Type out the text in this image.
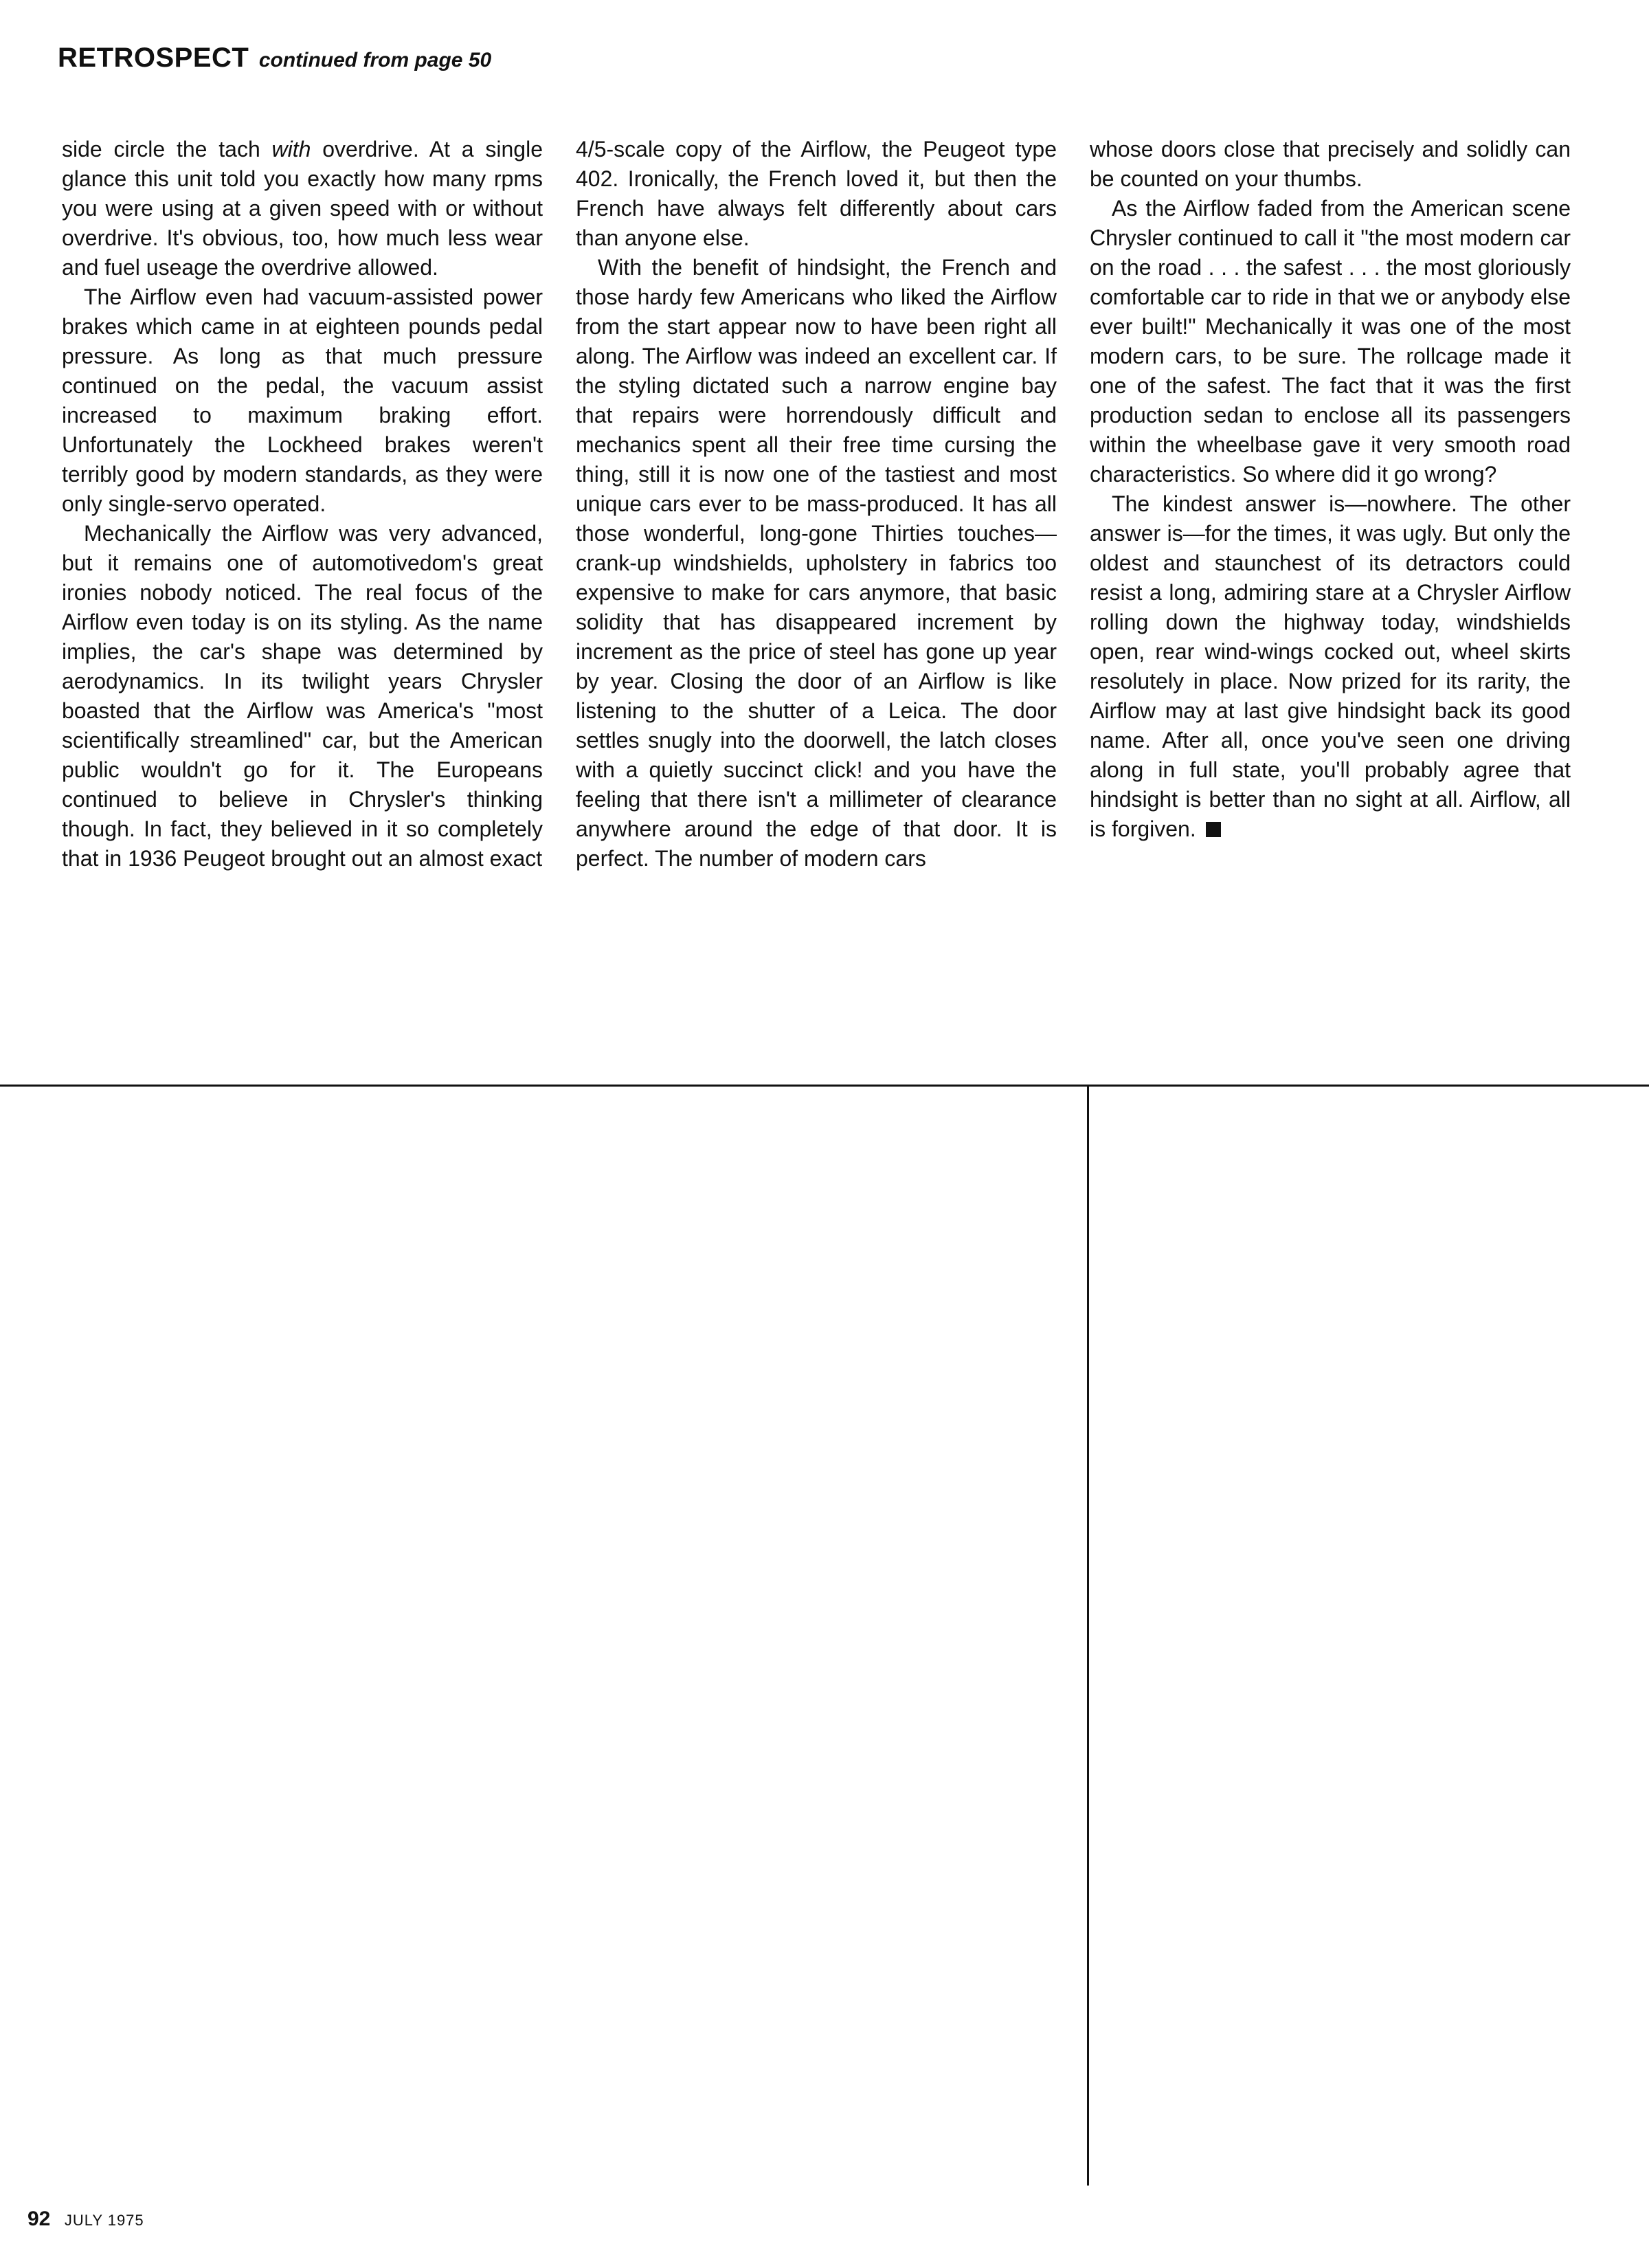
RETROSPECT continued from page 50

side circle the tach with overdrive. At a single glance this unit told you exactly how many rpms you were using at a given speed with or without overdrive. It's obvious, too, how much less wear and fuel useage the overdrive allowed.

The Airflow even had vacuum-assisted power brakes which came in at eighteen pounds pedal pressure. As long as that much pressure continued on the pedal, the vacuum assist increased to maximum braking effort. Unfortunately the Lockheed brakes weren't terribly good by modern standards, as they were only single-servo operated.

Mechanically the Airflow was very advanced, but it remains one of automotivedom's great ironies nobody noticed. The real focus of the Airflow even today is on its styling. As the name implies, the car's shape was determined by aerodynamics. In its twilight years Chrysler boasted that the Airflow was America's "most scientifically streamlined" car, but the American public wouldn't go for it. The Europeans continued to believe in Chrysler's thinking though. In fact, they believed in it so completely that in 1936 Peugeot brought out an almost exact

4/5-scale copy of the Airflow, the Peugeot type 402. Ironically, the French loved it, but then the French have always felt differently about cars than anyone else.

With the benefit of hindsight, the French and those hardy few Americans who liked the Airflow from the start appear now to have been right all along. The Airflow was indeed an excellent car. If the styling dictated such a narrow engine bay that repairs were horrendously difficult and mechanics spent all their free time cursing the thing, still it is now one of the tastiest and most unique cars ever to be mass-produced. It has all those wonderful, long-gone Thirties touches—crank-up windshields, upholstery in fabrics too expensive to make for cars anymore, that basic solidity that has disappeared increment by increment as the price of steel has gone up year by year. Closing the door of an Airflow is like listening to the shutter of a Leica. The door settles snugly into the doorwell, the latch closes with a quietly succinct click! and you have the feeling that there isn't a millimeter of clearance anywhere around the edge of that door. It is perfect. The number of modern cars

whose doors close that precisely and solidly can be counted on your thumbs.

As the Airflow faded from the American scene Chrysler continued to call it "the most modern car on the road . . . the safest . . . the most gloriously comfortable car to ride in that we or anybody else ever built!" Mechanically it was one of the most modern cars, to be sure. The rollcage made it one of the safest. The fact that it was the first production sedan to enclose all its passengers within the wheelbase gave it very smooth road characteristics. So where did it go wrong?

The kindest answer is—nowhere. The other answer is—for the times, it was ugly. But only the oldest and staunchest of its detractors could resist a long, admiring stare at a Chrysler Airflow rolling down the highway today, windshields open, rear wind-wings cocked out, wheel skirts resolutely in place. Now prized for its rarity, the Airflow may at last give hindsight back its good name. After all, once you've seen one driving along in full state, you'll probably agree that hindsight is better than no sight at all. Airflow, all is forgiven.

92 JULY 1975
